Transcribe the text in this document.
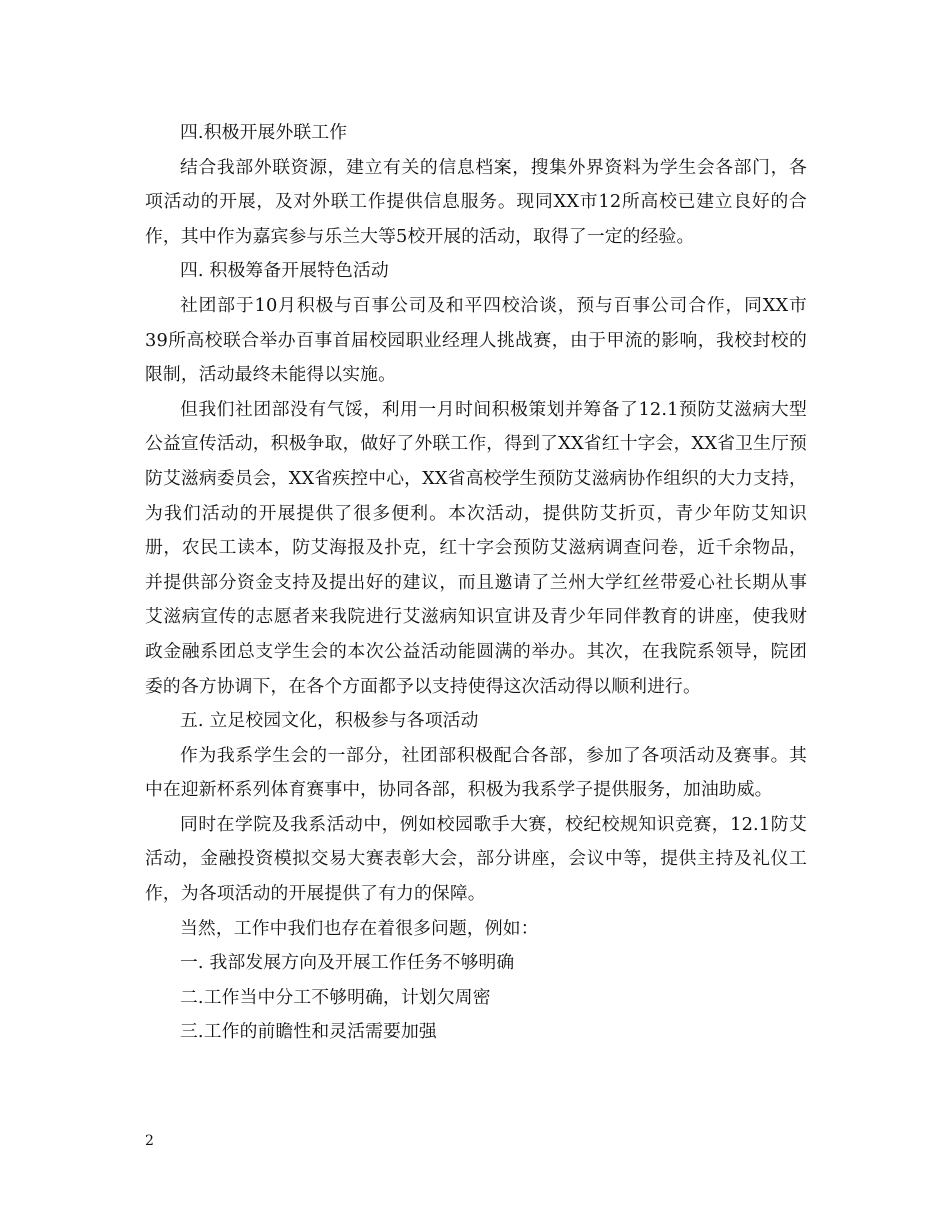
四.积极开展外联工作

结合我部外联资源，建立有关的信息档案，搜集外界资料为学生会各部门，各项活动的开展，及对外联工作提供信息服务。现同XX市12所高校已建立良好的合作，其中作为嘉宾参与乐兰大等5校开展的活动，取得了一定的经验。

四. 积极筹备开展特色活动

社团部于10月积极与百事公司及和平四校洽谈，预与百事公司合作，同XX市39所高校联合举办百事首届校园职业经理人挑战赛，由于甲流的影响，我校封校的限制，活动最终未能得以实施。

但我们社团部没有气馁，利用一月时间积极策划并筹备了12.1预防艾滋病大型公益宣传活动，积极争取，做好了外联工作，得到了XX省红十字会，XX省卫生厅预防艾滋病委员会，XX省疾控中心，XX省高校学生预防艾滋病协作组织的大力支持，为我们活动的开展提供了很多便利。本次活动，提供防艾折页，青少年防艾知识册，农民工读本，防艾海报及扑克，红十字会预防艾滋病调查问卷，近千余物品，并提供部分资金支持及提出好的建议，而且邀请了兰州大学红丝带爱心社长期从事艾滋病宣传的志愿者来我院进行艾滋病知识宣讲及青少年同伴教育的讲座，使我财政金融系团总支学生会的本次公益活动能圆满的举办。其次，在我院系领导，院团委的各方协调下，在各个方面都予以支持使得这次活动得以顺利进行。

五. 立足校园文化，积极参与各项活动

作为我系学生会的一部分，社团部积极配合各部，参加了各项活动及赛事。其中在迎新杯系列体育赛事中，协同各部，积极为我系学子提供服务，加油助威。

同时在学院及我系活动中，例如校园歌手大赛，校纪校规知识竞赛，12.1防艾活动，金融投资模拟交易大赛表彰大会，部分讲座，会议中等，提供主持及礼仪工作，为各项活动的开展提供了有力的保障。

当然，工作中我们也存在着很多问题，例如：

一. 我部发展方向及开展工作任务不够明确

二.工作当中分工不够明确，计划欠周密

三.工作的前瞻性和灵活需要加强

2
